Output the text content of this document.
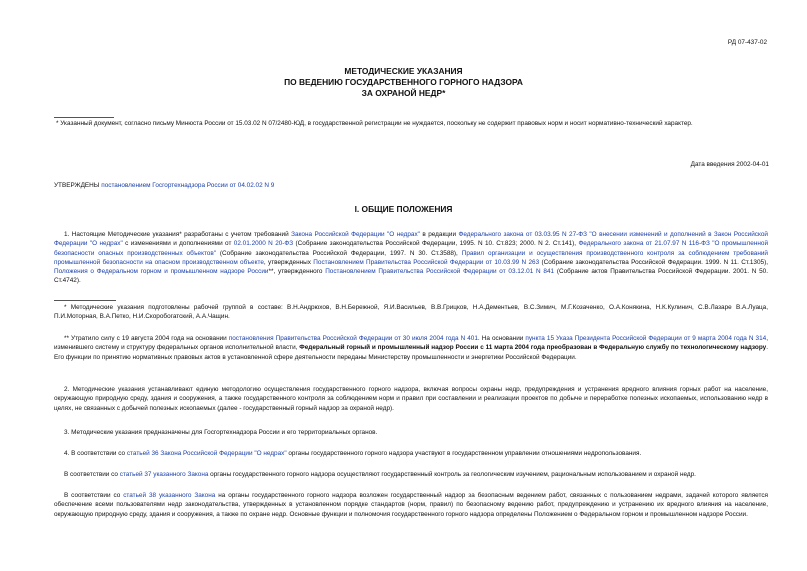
РД 07-437-02
МЕТОДИЧЕСКИЕ УКАЗАНИЯ
ПО ВЕДЕНИЮ ГОСУДАРСТВЕННОГО ГОРНОГО НАДЗОРА
ЗА ОХРАНОЙ НЕДР*
* Указанный документ, согласно письму Минюста России от 15.03.02 N 07/2480-ЮД, в государственной регистрации не нуждается, поскольку не содержит правовых норм и носит нормативно-технический характер.
Дата введения 2002-04-01
УТВЕРЖДЕНЫ постановлением Госгортехнадзора России от 04.02.02 N 9
I. ОБЩИЕ ПОЛОЖЕНИЯ
1. Настоящие Методические указания* разработаны с учетом требований Закона Российской Федерации "О недрах" в редакции Федерального закона от 03.03.95 N 27-ФЗ "О внесении изменений и дополнений в Закон Российской Федерации "О недрах" с изменениями и дополнениями от 02.01.2000 N 20-ФЗ (Собрание законодательства Российской Федерации, 1995. N 10. Ст.823; 2000. N 2. Ст.141), Федерального закона от 21.07.97 N 116-ФЗ "О промышленной безопасности опасных производственных объектов" (Собрание законодательства Российской Федерации, 1997. N 30. Ст.3588), Правил организации и осуществления производственного контроля за соблюдением требований промышленной безопасности на опасном производственном объекте, утвержденных Постановлением Правительства Российской Федерации от 10.03.99 N 263 (Собрание законодательства Российской Федерации. 1999. N 11. Ст.1305), Положения о Федеральном горном и промышленном надзоре России**, утвержденного Постановлением Правительства Российской Федерации от 03.12.01 N 841 (Собрание актов Правительства Российской Федерации. 2001. N 50. Ст.4742).
* Методические указания подготовлены рабочей группой в составе: В.Н.Андрюхов, В.Н.Бережной, Я.И.Васильев, В.В.Грицков, Н.А.Дементьев, В.С.Зимич, М.Г.Козаченко, О.А.Конякина, Н.К.Кулинич, С.В.Лазаре В.А.Луаца, П.И.Моторная, В.А.Петко, Н.И.Скоробогатский, А.А.Чащин.
** Утратило силу с 19 августа 2004 года на основании постановления Правительства Российской Федерации от 30 июля 2004 года N 401. На основании пункта 15 Указа Президента Российской Федерации от 9 марта 2004 года N 314, изменившего систему и структуру федеральных органов исполнительной власти, Федеральный горный и промышленный надзор России с 11 марта 2004 года преобразован в Федеральную службу по технологическому надзору. Его функции по принятию нормативных правовых актов в установленной сфере деятельности переданы Министерству промышленности и энергетики Российской Федерации.
2. Методические указания устанавливают единую методологию осуществления государственного горного надзора, включая вопросы охраны недр, предупреждения и устранения вредного влияния горных работ на население, окружающую природную среду, здания и сооружения, а также государственного контроля за соблюдением норм и правил при составлении и реализации проектов по добыче и переработке полезных ископаемых, использованию недр в целях, не связанных с добычей полезных ископаемых (далее - государственный горный надзор за охраной недр).
3. Методические указания предназначены для Госгортехнадзора России и его территориальных органов.
4. В соответствии со статьей 36 Закона Российской Федерации "О недрах" органы государственного горного надзора участвуют в государственном управлении отношениями недропользования.
В соответствии со статьей 37 указанного Закона органы государственного горного надзора осуществляют государственный контроль за геологическим изучением, рациональным использованием и охраной недр.
В соответствии со статьей 38 указанного Закона на органы государственного горного надзора возложен государственный надзор за безопасным ведением работ, связанных с пользованием недрами, задачей которого является обеспечение всеми пользователями недр законодательства, утвержденных в установленном порядке стандартов (норм, правил) по безопасному ведению работ, предупреждению и устранению их вредного влияния на население, окружающую природную среду, здания и сооружения, а также по охране недр. Основные функции и полномочия государственного горного надзора определены Положением о Федеральном горном и промышленном надзоре России.
